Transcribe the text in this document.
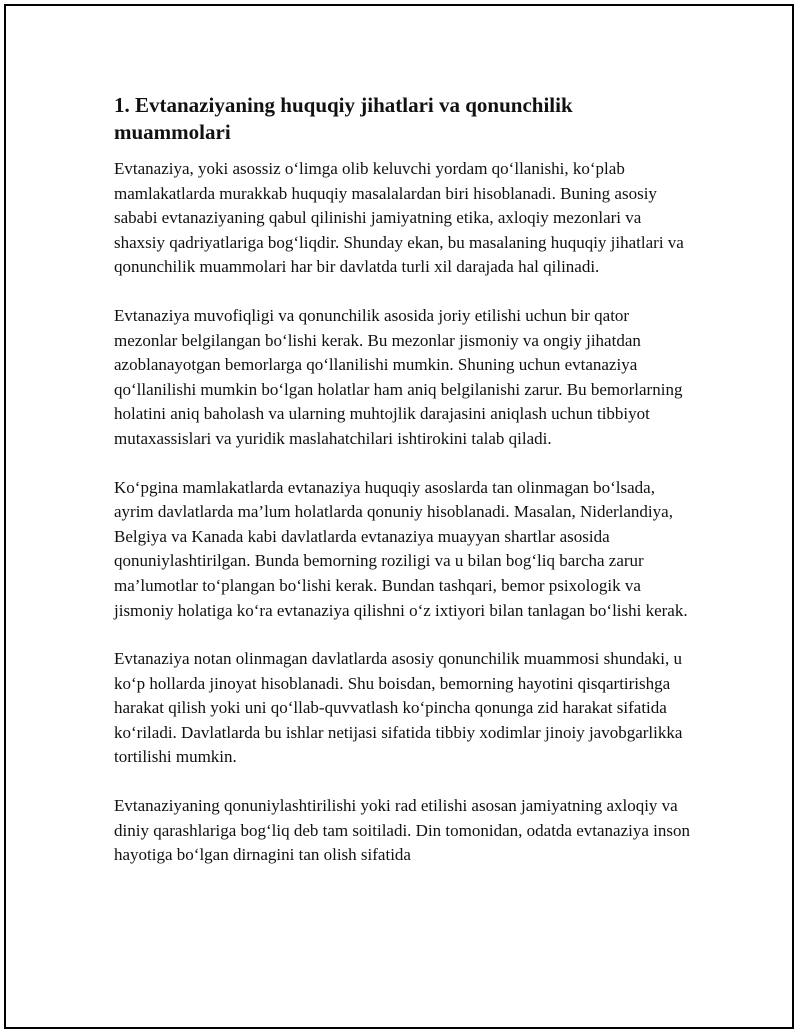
1. Evtanaziyaning huquqiy jihatlari va qonunchilik muammolari

Evtanaziya, yoki asossiz o‘limga olib keluvchi yordam qo‘llanishi, ko‘plab mamlakatlarda murakkab huquqiy masalalardan biri hisoblanadi. Buning asosiy sababi evtanaziyaning qabul qilinishi jamiyatning etika, axloqiy mezonlari va shaxsiy qadriyatlariga bog‘liqdir. Shunday ekan, bu masalaning huquqiy jihatlari va qonunchilik muammolari har bir davlatda turli xil darajada hal qilinadi.

Evtanaziya muvofiqligi va qonunchilik asosida joriy etilishi uchun bir qator mezonlar belgilangan bo‘lishi kerak. Bu mezonlar jismoniy va ongiy jihatdan azoblanayotgan bemorlarga qo‘llanilishi mumkin. Shuning uchun evtanaziya qo‘llanilishi mumkin bo‘lgan holatlar ham aniq belgilanishi zarur. Bu bemorlarning holatini aniq baholash va ularning muhtojlik darajasini aniqlash uchun tibbiyot mutaxassislari va yuridik maslahatchilari ishtirokini talab qiladi.

Ko‘pgina mamlakatlarda evtanaziya huquqiy asoslarda tan olinmagan bo‘lsada, ayrim davlatlarda ma’lum holatlarda qonuniy hisoblanadi. Masalan, Niderlandiya, Belgiya va Kanada kabi davlatlarda evtanaziya muayyan shartlar asosida qonuniylashtirilgan. Bunda bemorning roziligi va u bilan bog‘liq barcha zarur ma’lumotlar to‘plangan bo‘lishi kerak. Bundan tashqari, bemor psixologik va jismoniy holatiga ko‘ra evtanaziya qilishni o‘z ixtiyori bilan tanlagan bo‘lishi kerak.

Evtanaziya notan olinmagan davlatlarda asosiy qonunchilik muammosi shundaki, u ko‘p hollarda jinoyat hisoblanadi. Shu boisdan, bemorning hayotini qisqartirishga harakat qilish yoki uni qo‘llab-quvvatlash ko‘pincha qonunga zid harakat sifatida ko‘riladi. Davlatlarda bu ishlar netijasi sifatida tibbiy xodimlar jinoiy javobgarlikka tortilishi mumkin.

Evtanaziyaning qonuniylashtirilishi yoki rad etilishi asosan jamiyatning axloqiy va diniy qarashlariga bog‘liq deb tam soitiladi. Din tomonidan, odatda evtanaziya inson hayotiga bo‘lgan dirnagini tan olish sifatida
